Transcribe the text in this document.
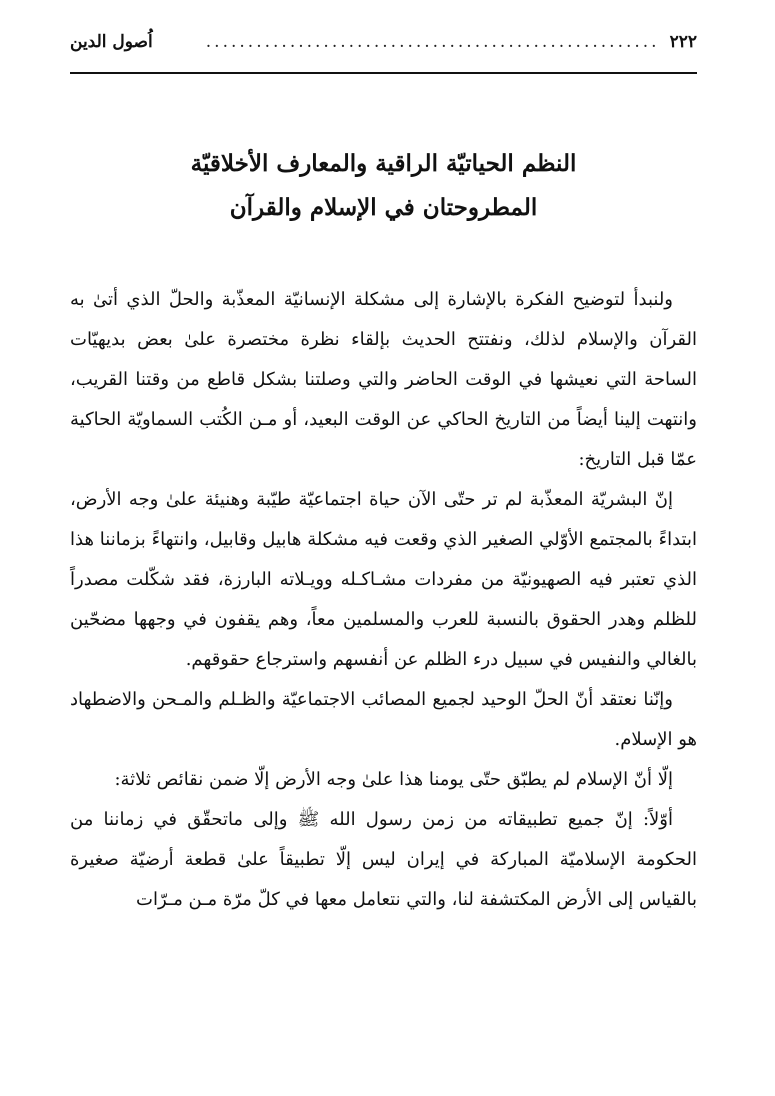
٢٢٢
......................................................
اُصول الدين
النظم الحياتيّة الراقية والمعارف الأخلاقيّة
المطروحتان في الإسلام والقرآن

ولنبدأ لتوضيح الفكرة بالإشارة إلى مشكلة الإنسانيّة المعذّبة والحلّ الذي أتىٰ به القرآن والإسلام لذلك، ونفتتح الحديث بإلقاء نظرة مختصرة علىٰ بعض بديهيّات الساحة التي نعيشها في الوقت الحاضر والتي وصلتنا بشكل قاطع من وقتنا القريب، وانتهت إلينا أيضاً من التاريخ الحاكي عن الوقت البعيد، أو مـن الكُتب السماويّة الحاكية عمّا قبل التاريخ:

إنّ البشريّة المعذّبة لم تر حتّى الآن حياة اجتماعيّة طيّبة وهنيئة علىٰ وجه الأرض، ابتداءً بالمجتمع الأوّلي الصغير الذي وقعت فيه مشكلة هابيل وقابيل، وانتهاءً بزماننا هذا الذي تعتبر فيه الصهيونيّة من مفردات مشـاكـله وويـلاته البارزة، فقد شكّلت مصدراً للظلم وهدر الحقوق بالنسبة للعرب والمسلمين معاً، وهم يقفون في وجهها مضحّين بالغالي والنفيس في سبيل درء الظلم عن أنفسهم واسترجاع حقوقهم.

وإنّنا نعتقد أنّ الحلّ الوحيد لجميع المصائب الاجتماعيّة والظـلم والمـحن والاضطهاد هو الإسلام.

إلّا أنّ الإسلام لم يطبّق حتّى يومنا هذا علىٰ وجه الأرض إلّا ضمن نقائص ثلاثة:

أوّلاً: إنّ جميع تطبيقاته من زمن رسول الله ﷺ وإلى ماتحقّق في زماننا من الحكومة الإسلاميّة المباركة في إيران ليس إلّا تطبيقاً علىٰ قطعة أرضيّة صغيرة بالقياس إلى الأرض المكتشفة لنا، والتي نتعامل معها في كلّ مرّة مـن مـرّات
